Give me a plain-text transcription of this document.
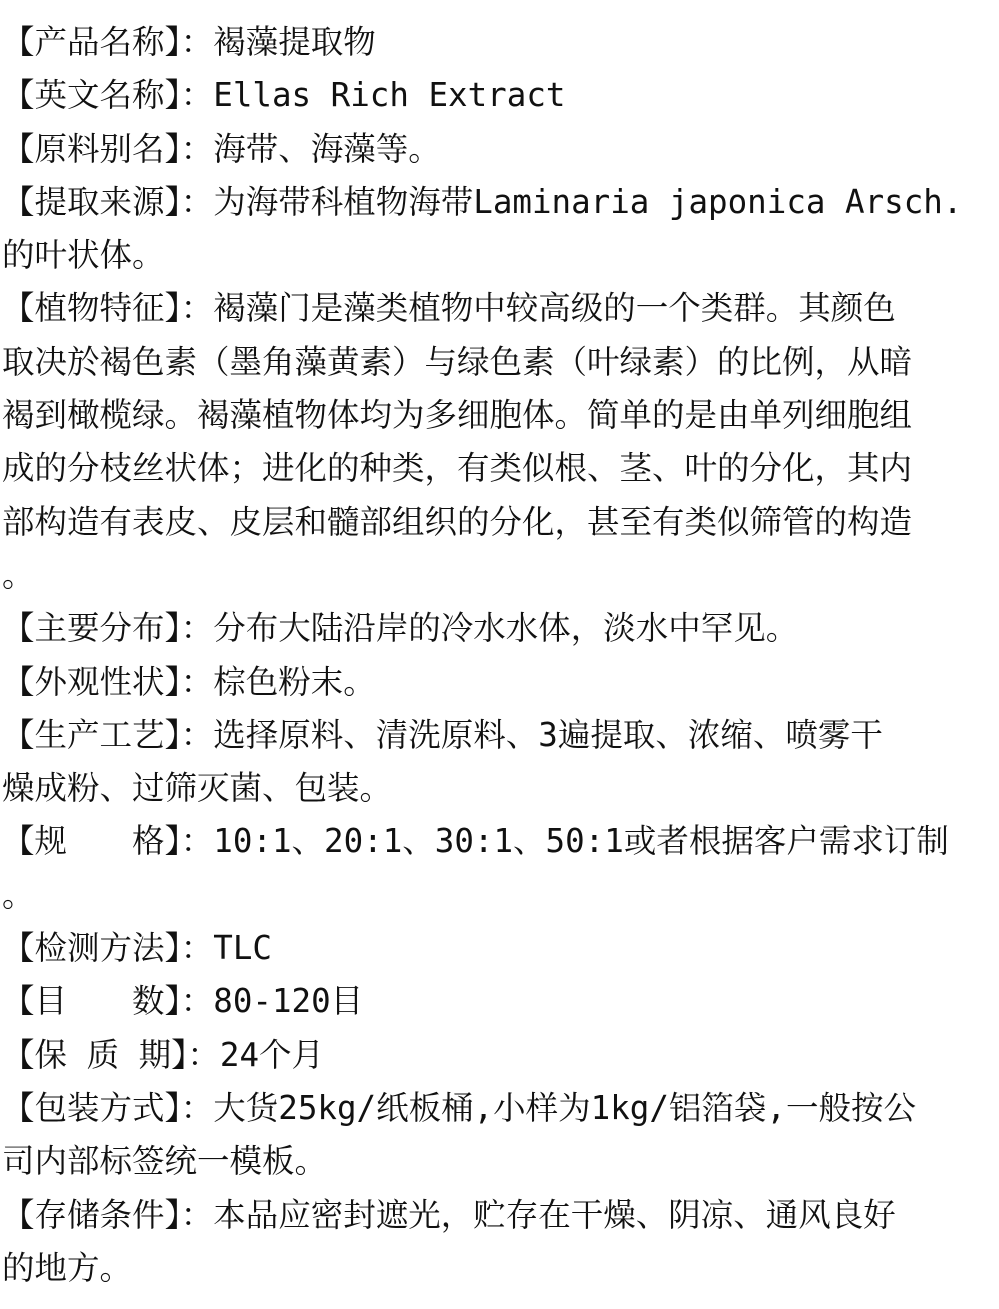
【产品名称】：褐藻提取物
【英文名称】：Ellas Rich Extract
【原料别名】：海带、海藻等。
【提取来源】：为海带科植物海带Laminaria japonica Arsch.
的叶状体。
【植物特征】：褐藻门是藻类植物中较高级的一个类群。其颜色
取决於褐色素（墨角藻黄素）与绿色素（叶绿素）的比例，从暗
褐到橄榄绿。褐藻植物体均为多细胞体。简单的是由单列细胞组
成的分枝丝状体；进化的种类，有类似根、茎、叶的分化，其内
部构造有表皮、皮层和髓部组织的分化，甚至有类似筛管的构造
。
【主要分布】：分布大陆沿岸的冷水水体，淡水中罕见。
【外观性状】：棕色粉末。
【生产工艺】：选择原料、清洗原料、3遍提取、浓缩、喷雾干
燥成粉、过筛灭菌、包装。
【规　　格】：10:1、20:1、30:1、50:1或者根据客户需求订制
。
【检测方法】：TLC
【目　　数】：80-120目
【保 质 期】：24个月
【包装方式】：大货25kg/纸板桶,小样为1kg/铝箔袋,一般按公
司内部标签统一模板。
【存储条件】：本品应密封遮光，贮存在干燥、阴凉、通风良好
的地方。
